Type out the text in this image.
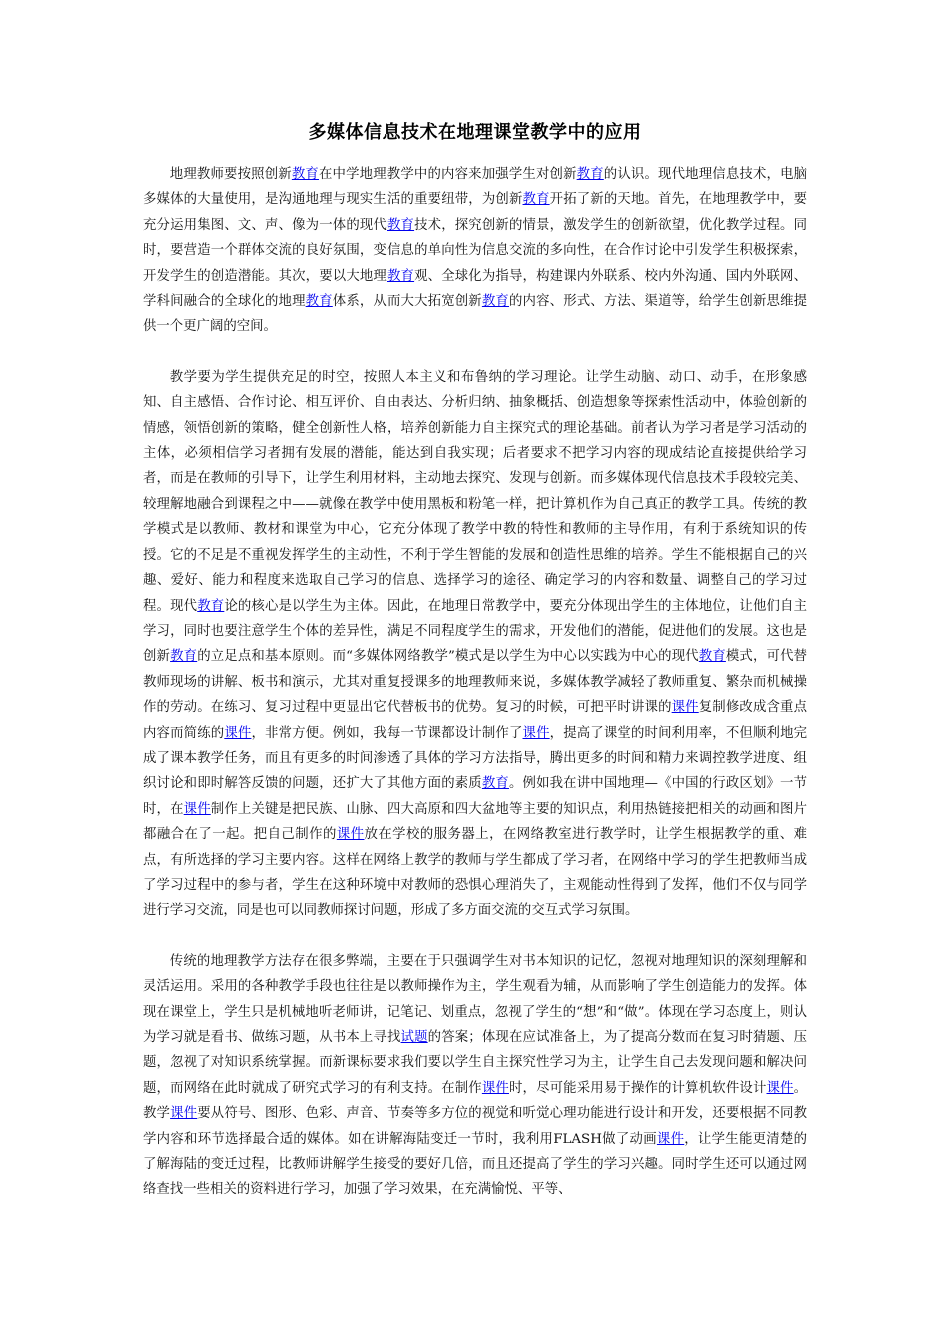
多媒体信息技术在地理课堂教学中的应用

地理教师要按照创新教育在中学地理教学中的内容来加强学生对创新教育的认识。现代地理信息技术，电脑多媒体的大量使用，是沟通地理与现实生活的重要纽带，为创新教育开拓了新的天地。首先，在地理教学中，要充分运用集图、文、声、像为一体的现代教育技术，探究创新的情景，激发学生的创新欲望，优化教学过程。同时，要营造一个群体交流的良好氛围，变信息的单向性为信息交流的多向性，在合作讨论中引发学生积极探索，开发学生的创造潜能。其次，要以大地理教育观、全球化为指导，构建课内外联系、校内外沟通、国内外联网、学科间融合的全球化的地理教育体系，从而大大拓宽创新教育的内容、形式、方法、渠道等，给学生创新思维提供一个更广阔的空间。

教学要为学生提供充足的时空，按照人本主义和布鲁纳的学习理论。让学生动脑、动口、动手，在形象感知、自主感悟、合作讨论、相互评价、自由表达、分析归纳、抽象概括、创造想象等探索性活动中，体验创新的情感，领悟创新的策略，健全创新性人格，培养创新能力自主探究式的理论基础。前者认为学习者是学习活动的主体，必须相信学习者拥有发展的潜能，能达到自我实现；后者要求不把学习内容的现成结论直接提供给学习者，而是在教师的引导下，让学生利用材料，主动地去探究、发现与创新。而多媒体现代信息技术手段较完美、较理解地融合到课程之中——就像在教学中使用黑板和粉笔一样，把计算机作为自己真正的教学工具。传统的教学模式是以教师、教材和课堂为中心，它充分体现了教学中教的特性和教师的主导作用，有利于系统知识的传授。它的不足是不重视发挥学生的主动性，不利于学生智能的发展和创造性思维的培养。学生不能根据自己的兴趣、爱好、能力和程度来选取自己学习的信息、选择学习的途径、确定学习的内容和数量、调整自己的学习过程。现代教育论的核心是以学生为主体。因此，在地理日常教学中，要充分体现出学生的主体地位，让他们自主学习，同时也要注意学生个体的差异性，满足不同程度学生的需求，开发他们的潜能，促进他们的发展。这也是创新教育的立足点和基本原则。而“多媒体网络教学”模式是以学生为中心以实践为中心的现代教育模式，可代替教师现场的讲解、板书和演示，尤其对重复授课多的地理教师来说，多媒体教学减轻了教师重复、繁杂而机械操作的劳动。在练习、复习过程中更显出它代替板书的优势。复习的时候，可把平时讲课的课件复制修改成含重点内容而简练的课件，非常方便。例如，我每一节课都设计制作了课件，提高了课堂的时间利用率，不但顺利地完成了课本教学任务，而且有更多的时间渗透了具体的学习方法指导，腾出更多的时间和精力来调控教学进度、组织讨论和即时解答反馈的问题，还扩大了其他方面的素质教育。例如我在讲中国地理—《中国的行政区划》一节时，在课件制作上关键是把民族、山脉、四大高原和四大盆地等主要的知识点，利用热链接把相关的动画和图片都融合在了一起。把自己制作的课件放在学校的服务器上，在网络教室进行教学时，让学生根据教学的重、难点，有所选择的学习主要内容。这样在网络上教学的教师与学生都成了学习者，在网络中学习的学生把教师当成了学习过程中的参与者，学生在这种环境中对教师的恐惧心理消失了，主观能动性得到了发挥，他们不仅与同学进行学习交流，同是也可以同教师探讨问题，形成了多方面交流的交互式学习氛围。

传统的地理教学方法存在很多弊端，主要在于只强调学生对书本知识的记忆，忽视对地理知识的深刻理解和灵活运用。采用的各种教学手段也往往是以教师操作为主，学生观看为辅，从而影响了学生创造能力的发挥。体现在课堂上，学生只是机械地听老师讲，记笔记、划重点，忽视了学生的“想”和“做”。体现在学习态度上，则认为学习就是看书、做练习题，从书本上寻找试题的答案；体现在应试准备上，为了提高分数而在复习时猜题、压题，忽视了对知识系统掌握。而新课标要求我们要以学生自主探究性学习为主，让学生自己去发现问题和解决问题，而网络在此时就成了研究式学习的有利支持。在制作课件时，尽可能采用易于操作的计算机软件设计课件。教学课件要从符号、图形、色彩、声音、节奏等多方位的视觉和听觉心理功能进行设计和开发，还要根据不同教学内容和环节选择最合适的媒体。如在讲解海陆变迁一节时，我利用FLASH做了动画课件，让学生能更清楚的了解海陆的变迁过程，比教师讲解学生接受的要好几倍，而且还提高了学生的学习兴趣。同时学生还可以通过网络查找一些相关的资料进行学习，加强了学习效果，在充满愉悦、平等、
